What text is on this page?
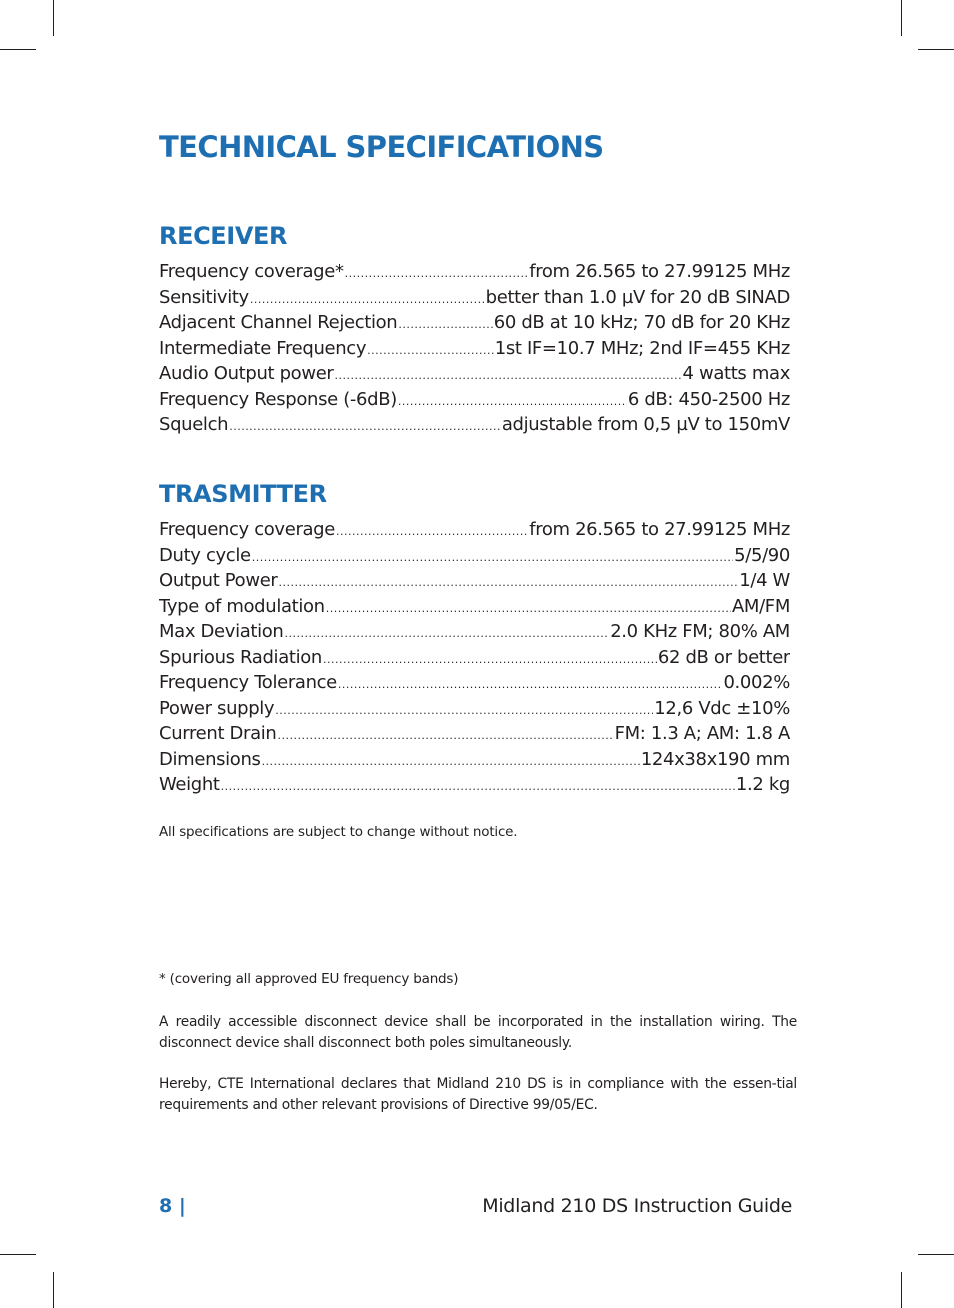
TECHNICAL SPECIFICATIONS
RECEIVER
Frequency coverage* .....	from 26.565 to 27.99125 MHz
Sensitivity .....	better than 1.0 µV for 20 dB SINAD
Adjacent Channel Rejection .....	60 dB at 10 kHz; 70 dB for 20 KHz
Intermediate Frequency .....	1st IF=10.7 MHz; 2nd IF=455 KHz
Audio Output power .....	4 watts max
Frequency Response (-6dB) .....	6 dB: 450-2500 Hz
Squelch .....	adjustable from 0,5 µV to 150mV
TRASMITTER
Frequency coverage .....	from 26.565 to 27.99125 MHz
Duty cycle .....	5/5/90
Output Power .....	1/4 W
Type of modulation .....	AM/FM
Max Deviation .....	2.0 KHz FM; 80% AM
Spurious Radiation .....	62 dB or better
Frequency Tolerance .....	0.002%
Power supply .....	12,6 Vdc ±10%
Current Drain .....	FM: 1.3 A; AM: 1.8 A
Dimensions .....	124x38x190 mm
Weight .....	1.2 kg
All specifications are subject to change without notice.
* (covering all approved EU frequency bands)
A readily accessible disconnect device shall be incorporated in the installation wiring. The disconnect device shall disconnect both poles simultaneously.
Hereby, CTE International declares that Midland 210 DS is in compliance with the essen-tial requirements and other relevant provisions of Directive 99/05/EC.
8 |	Midland 210 DS Instruction Guide
